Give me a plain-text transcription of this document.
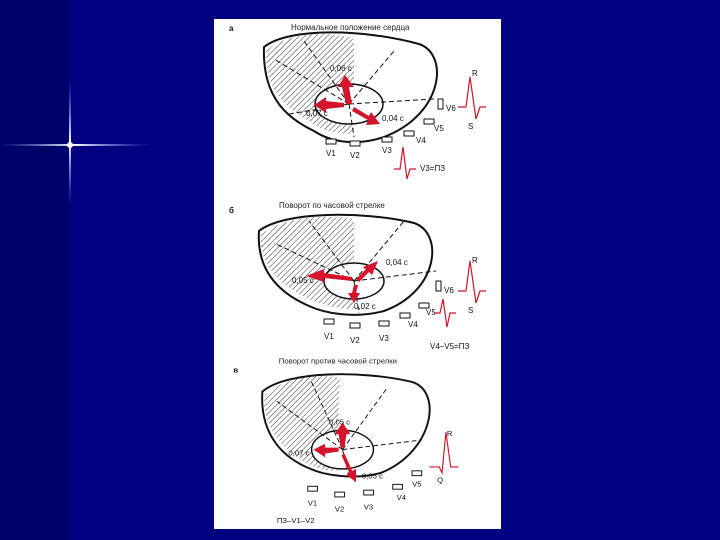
а	Нормальное положение сердца
0,06 с
0,07 с
0,04 с
V1 V2
V3
V4
V5
V6
R
S
V3=ПЗ
б
Поворот по часовой стрелке
0,04 с
0,05 с
0,02 с
V1 V2 V3
V4
V5
V6
R
S
V4–V5=ПЗ
в
Поворот против часовой стрелки
0,05 с
0,07 с
0,05 с
V1
V2 V3
V4
V5
R
Q
ПЗ–V1–V2
